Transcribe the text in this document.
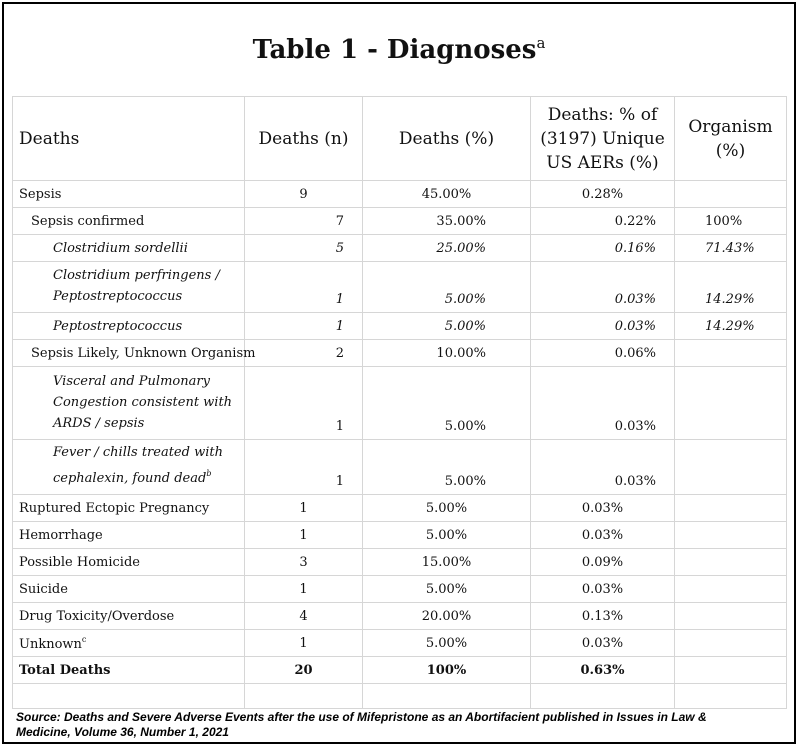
Table 1 - Diagnoses$^a$
Deaths	Deaths (n)	Deaths (%)	Deaths: % of
(3197) Unique
US AERs (%)	Organism
(%)
Sepsis	9	45.00%	0.28%	
Sepsis confirmed	7	35.00%	0.22%	100%
Clostridium sordellii	5	25.00%	0.16%	71.43%
Clostridium perfringens /
Peptostreptococcus	1	5.00%	0.03%	14.29%
Peptostreptococcus	1	5.00%	0.03%	14.29%
Sepsis Likely, Unknown Organism	2	10.00%	0.06%	
Visceral and Pulmonary
Congestion consistent with
ARDS / sepsis	1	5.00%	0.03%	
Fever / chills treated with
cephalexin, found dead$^b$	1	5.00%	0.03%	
Ruptured Ectopic Pregnancy	1	5.00%	0.03%	
Hemorrhage	1	5.00%	0.03%	
Possible Homicide	3	15.00%	0.09%	
Suicide	1	5.00%	0.03%	
Drug Toxicity/Overdose	4	20.00%	0.13%	
Unknown$^c$	1	5.00%	0.03%	
Total Deaths	20	100%	0.63%	

Source: Deaths and Severe Adverse Events after the use of Mifepristone as an Abortifacient published in Issues in Law &
Medicine, Volume 36, Number 1, 2021
